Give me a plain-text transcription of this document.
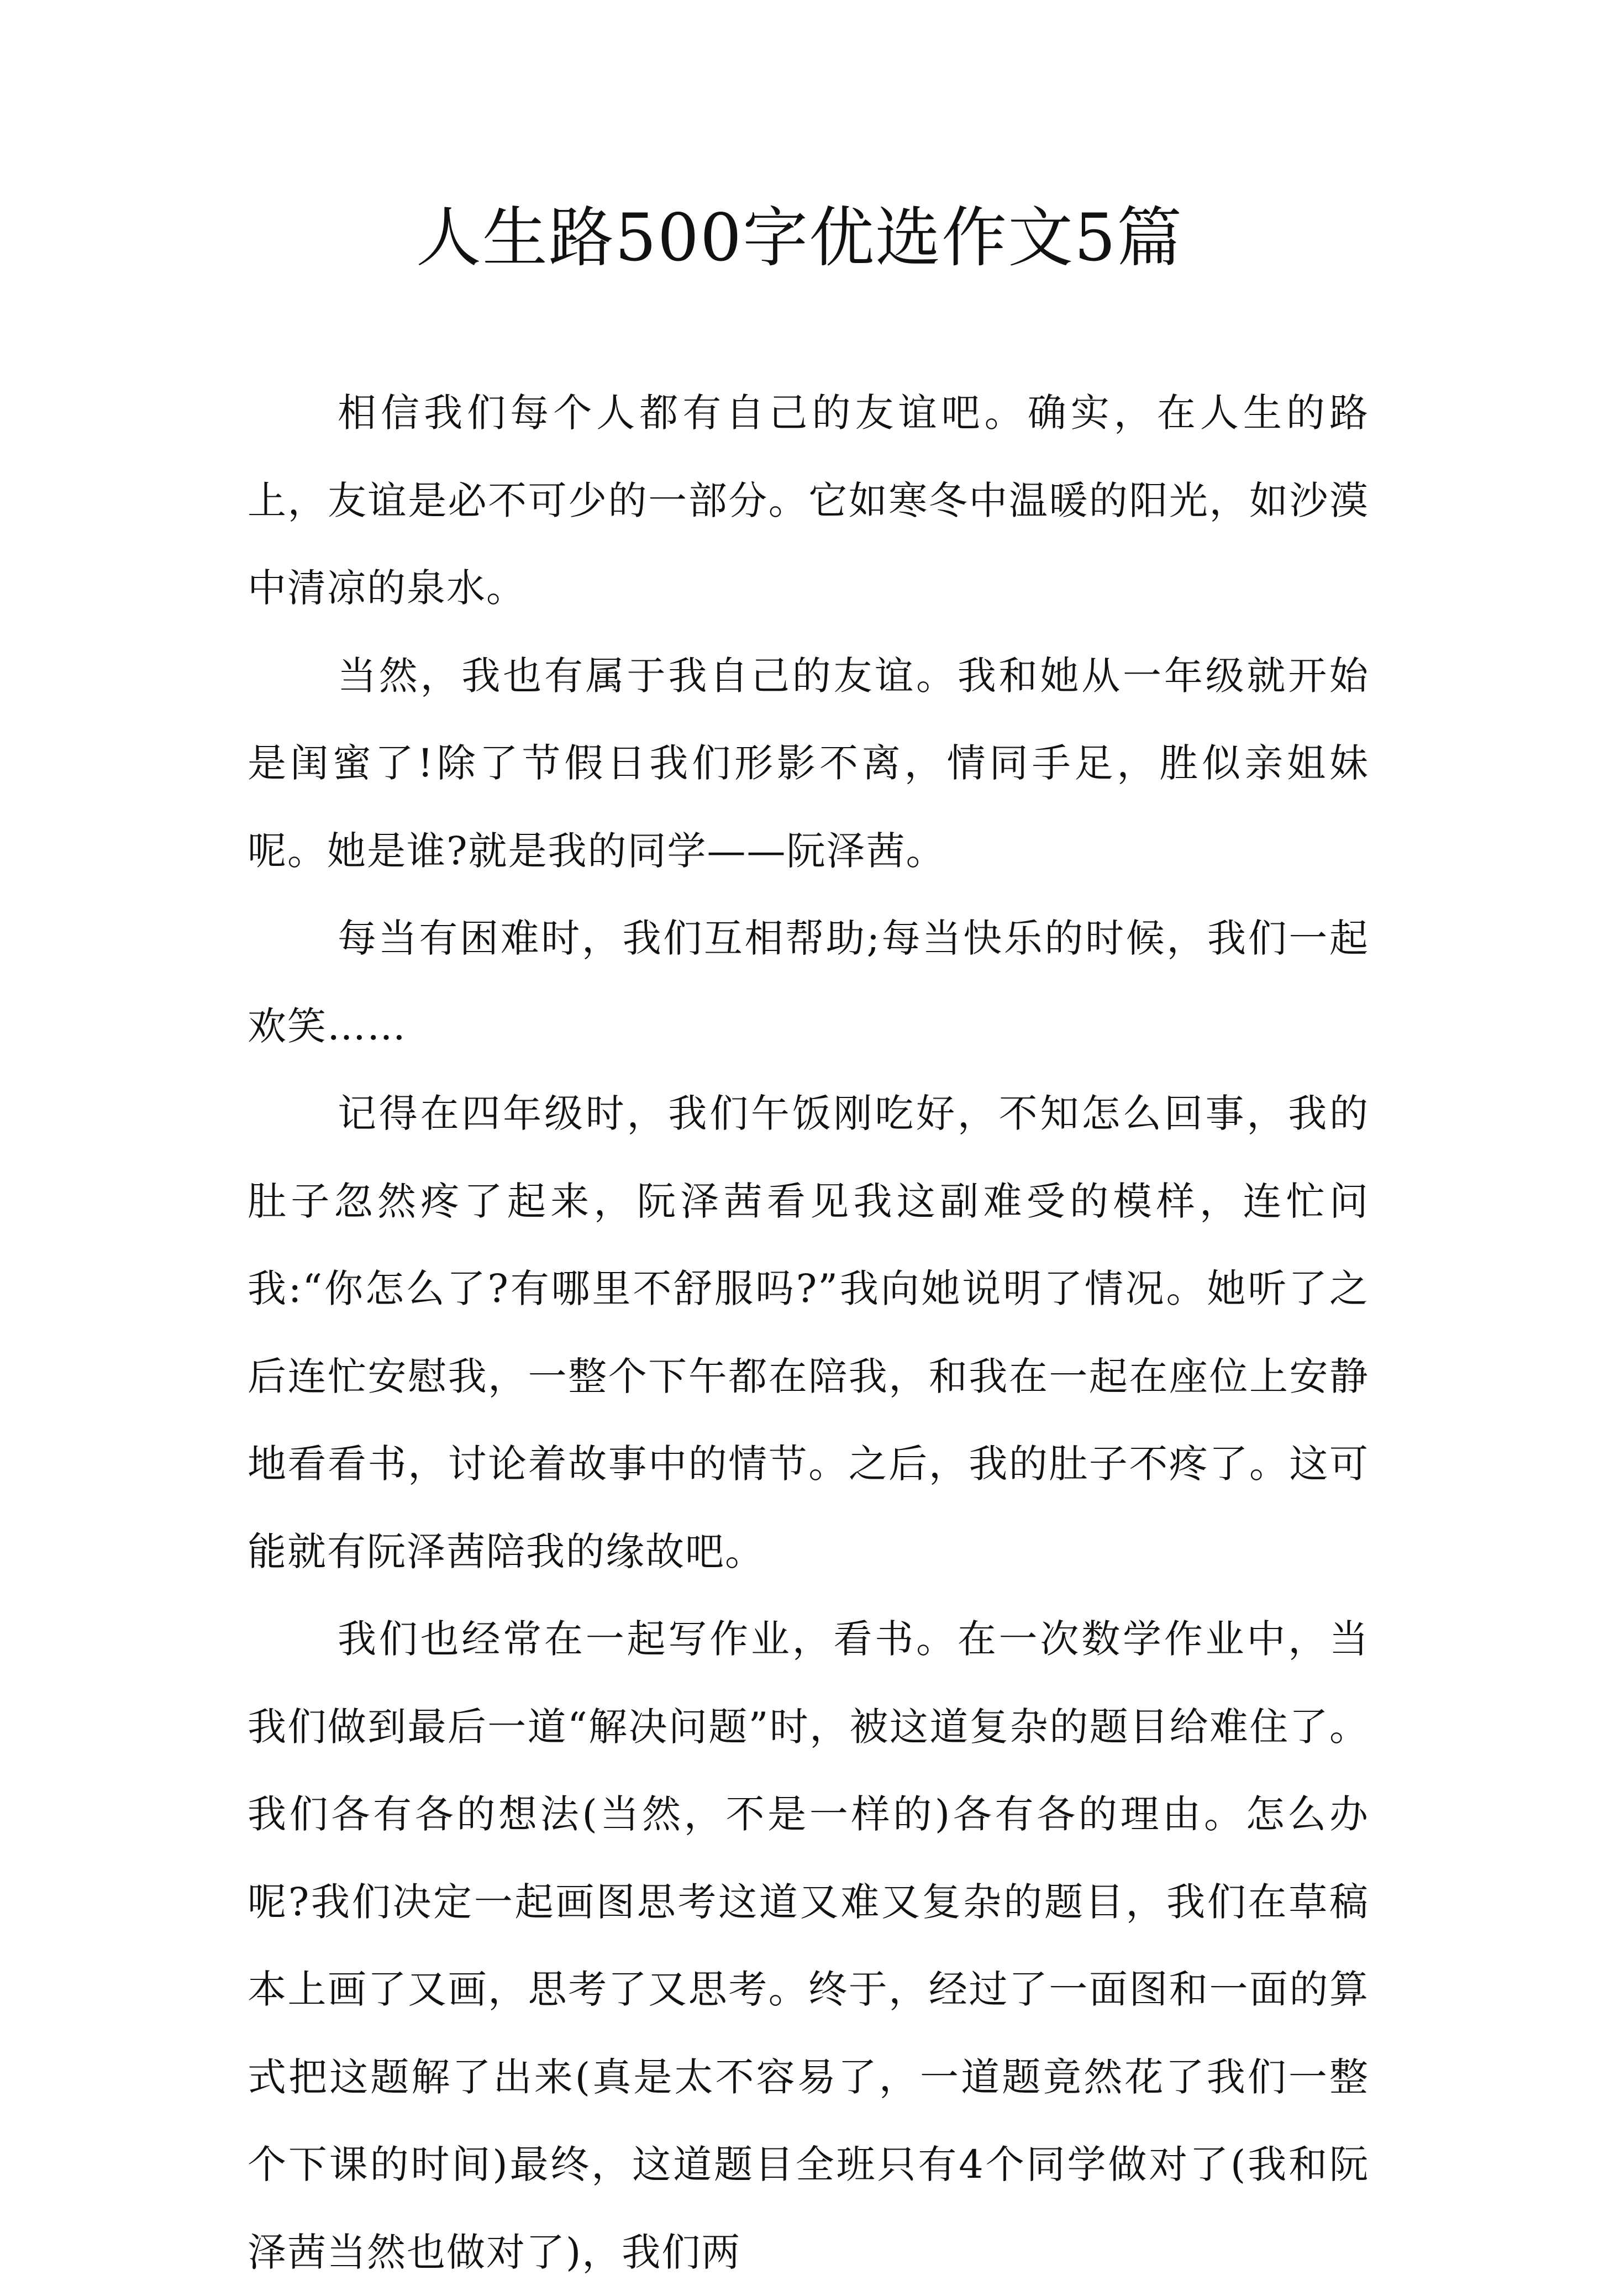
人生路500字优选作文5篇

相信我们每个人都有自己的友谊吧。确实，在人生的路上，友谊是必不可少的一部分。它如寒冬中温暖的阳光，如沙漠中清凉的泉水。

当然，我也有属于我自己的友谊。我和她从一年级就开始是闺蜜了!除了节假日我们形影不离，情同手足，胜似亲姐妹呢。她是谁?就是我的同学——阮泽茜。

每当有困难时，我们互相帮助;每当快乐的时候，我们一起欢笑……

记得在四年级时，我们午饭刚吃好，不知怎么回事，我的肚子忽然疼了起来，阮泽茜看见我这副难受的模样，连忙问我:“你怎么了?有哪里不舒服吗?”我向她说明了情况。她听了之后连忙安慰我，一整个下午都在陪我，和我在一起在座位上安静地看看书，讨论着故事中的情节。之后，我的肚子不疼了。这可能就有阮泽茜陪我的缘故吧。

我们也经常在一起写作业，看书。在一次数学作业中，当我们做到最后一道“解决问题”时，被这道复杂的题目给难住了。我们各有各的想法(当然，不是一样的)各有各的理由。怎么办呢?我们决定一起画图思考这道又难又复杂的题目，我们在草稿本上画了又画，思考了又思考。终于，经过了一面图和一面的算式把这题解了出来(真是太不容易了，一道题竟然花了我们一整个下课的时间)最终，这道题目全班只有4个同学做对了(我和阮泽茜当然也做对了)，我们两
